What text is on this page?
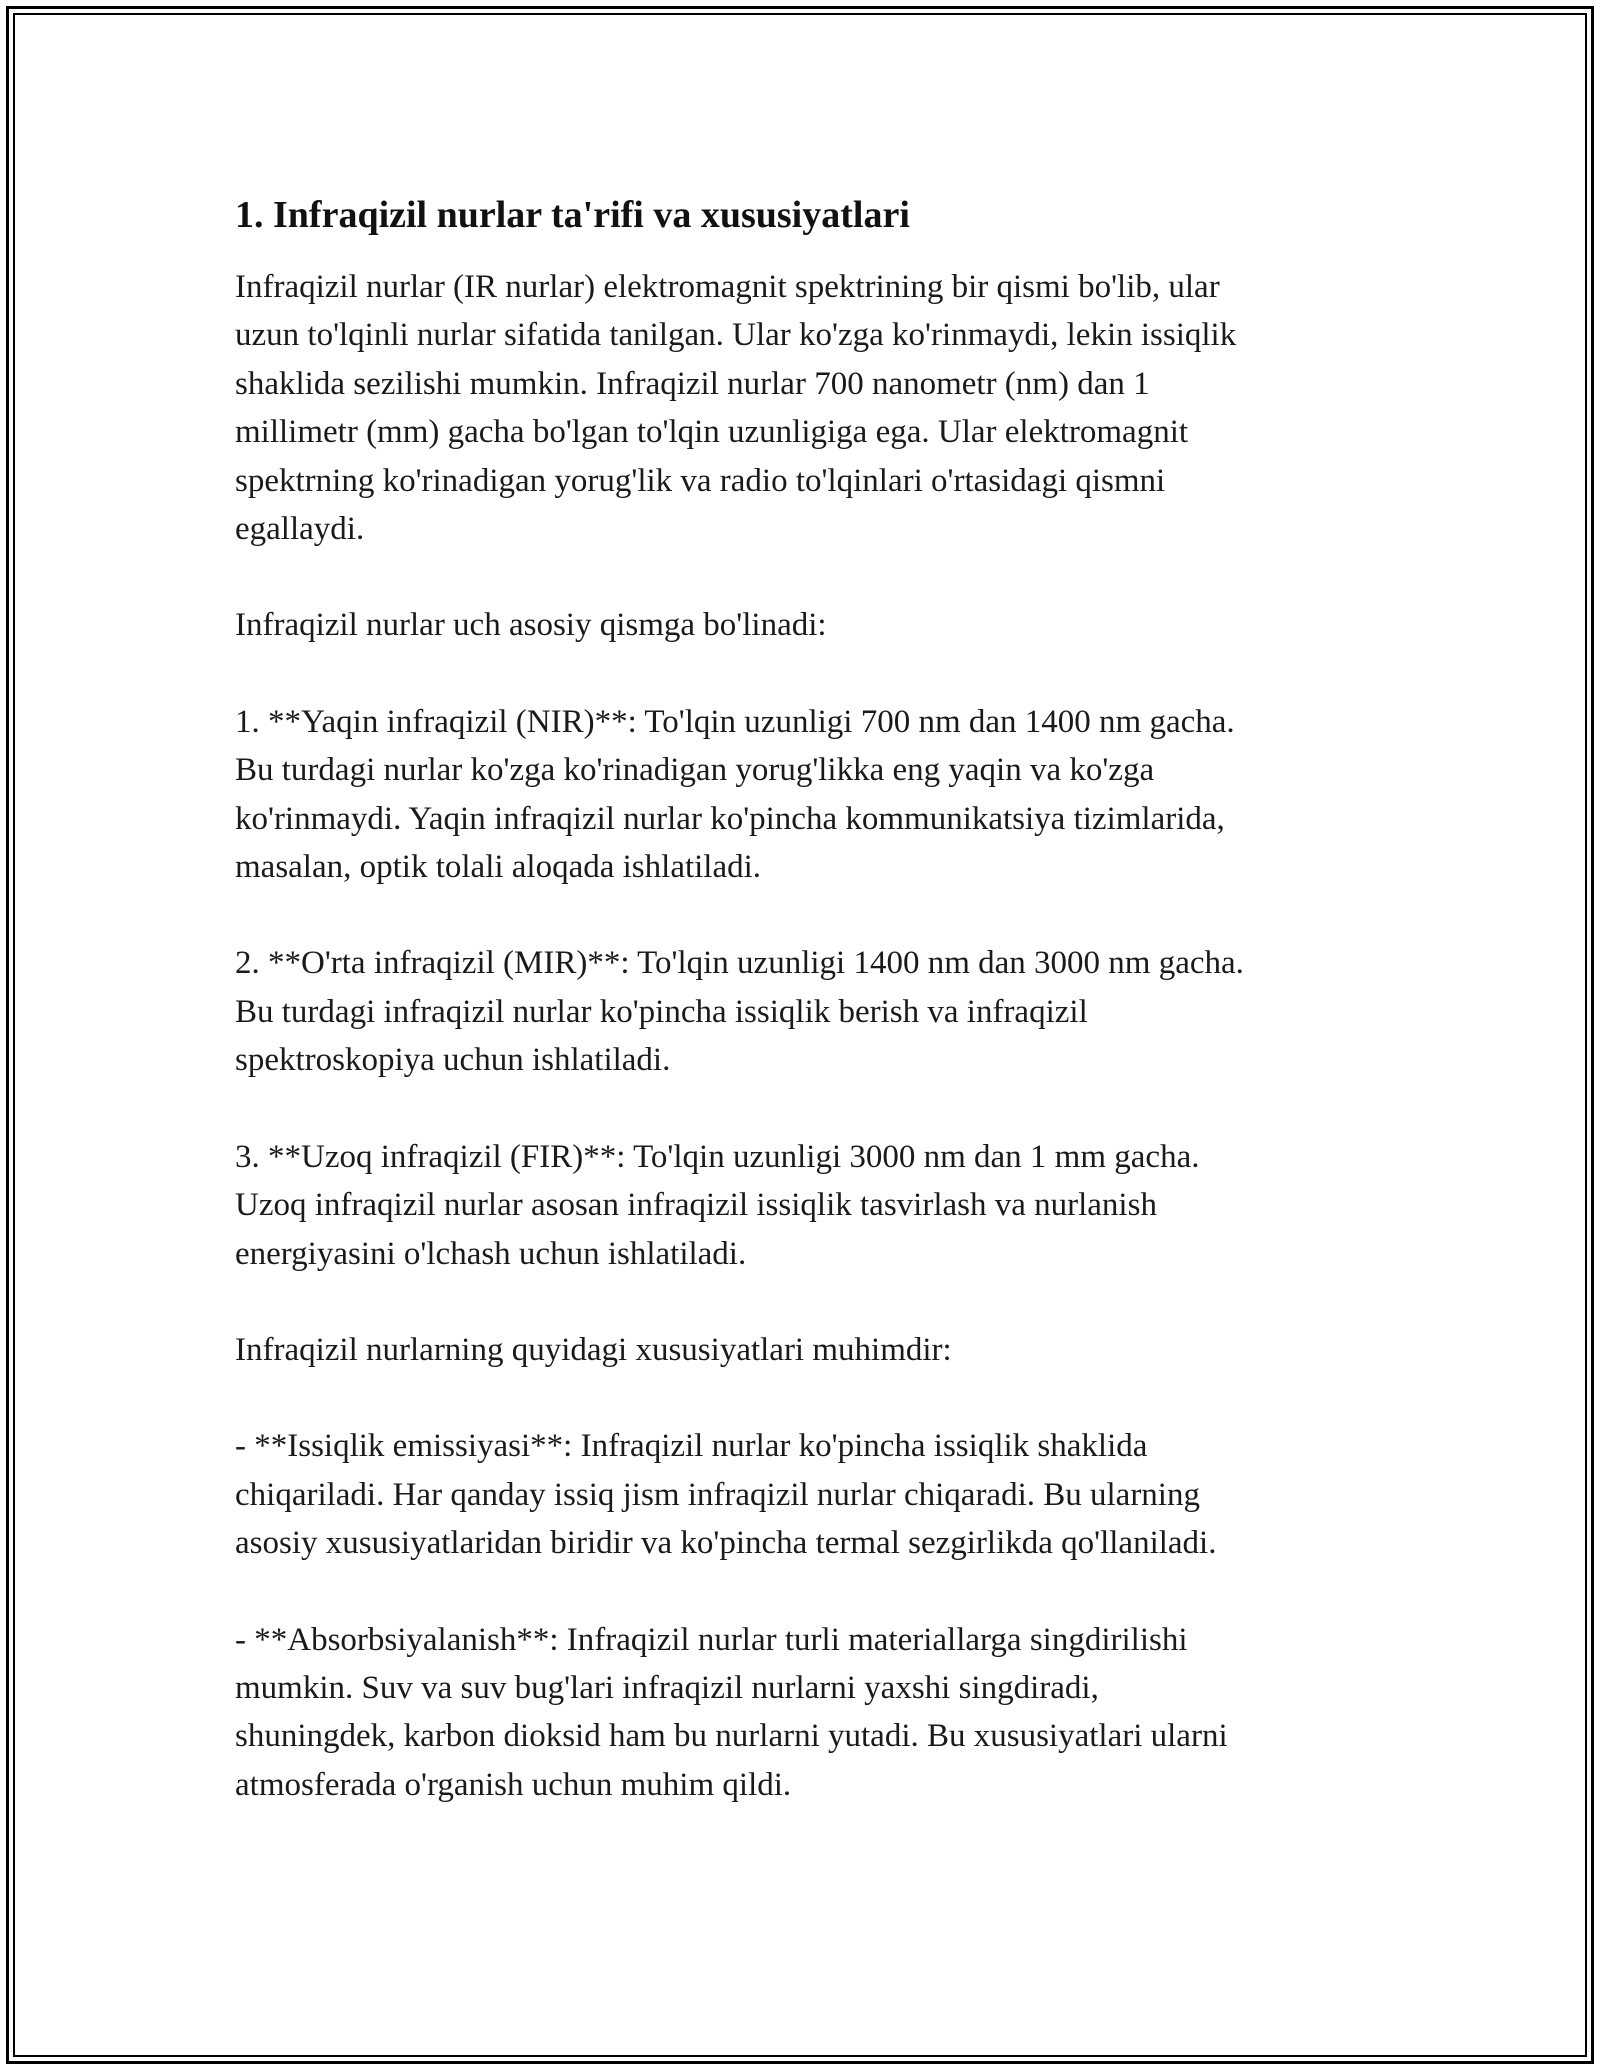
1. Infraqizil nurlar ta'rifi va xususiyatlari

Infraqizil nurlar (IR nurlar) elektromagnit spektrining bir qismi bo'lib, ular
uzun to'lqinli nurlar sifatida tanilgan. Ular ko'zga ko'rinmaydi, lekin issiqlik
shaklida sezilishi mumkin. Infraqizil nurlar 700 nanometr (nm) dan 1
millimetr (mm) gacha bo'lgan to'lqin uzunligiga ega. Ular elektromagnit
spektrning ko'rinadigan yorug'lik va radio to'lqinlari o'rtasidagi qismni
egallaydi.

Infraqizil nurlar uch asosiy qismga bo'linadi:

1. **Yaqin infraqizil (NIR)**: To'lqin uzunligi 700 nm dan 1400 nm gacha.
Bu turdagi nurlar ko'zga ko'rinadigan yorug'likka eng yaqin va ko'zga
ko'rinmaydi. Yaqin infraqizil nurlar ko'pincha kommunikatsiya tizimlarida,
masalan, optik tolali aloqada ishlatiladi.

2. **O'rta infraqizil (MIR)**: To'lqin uzunligi 1400 nm dan 3000 nm gacha.
Bu turdagi infraqizil nurlar ko'pincha issiqlik berish va infraqizil
spektroskopiya uchun ishlatiladi.

3. **Uzoq infraqizil (FIR)**: To'lqin uzunligi 3000 nm dan 1 mm gacha.
Uzoq infraqizil nurlar asosan infraqizil issiqlik tasvirlash va nurlanish
energiyasini o'lchash uchun ishlatiladi.

Infraqizil nurlarning quyidagi xususiyatlari muhimdir:

- **Issiqlik emissiyasi**: Infraqizil nurlar ko'pincha issiqlik shaklida
chiqariladi. Har qanday issiq jism infraqizil nurlar chiqaradi. Bu ularning
asosiy xususiyatlaridan biridir va ko'pincha termal sezgirlikda qo'llaniladi.

- **Absorbsiyalanish**: Infraqizil nurlar turli materiallarga singdirilishi
mumkin. Suv va suv bug'lari infraqizil nurlarni yaxshi singdiradi,
shuningdek, karbon dioksid ham bu nurlarni yutadi. Bu xususiyatlari ularni
atmosferada o'rganish uchun muhim qildi.
